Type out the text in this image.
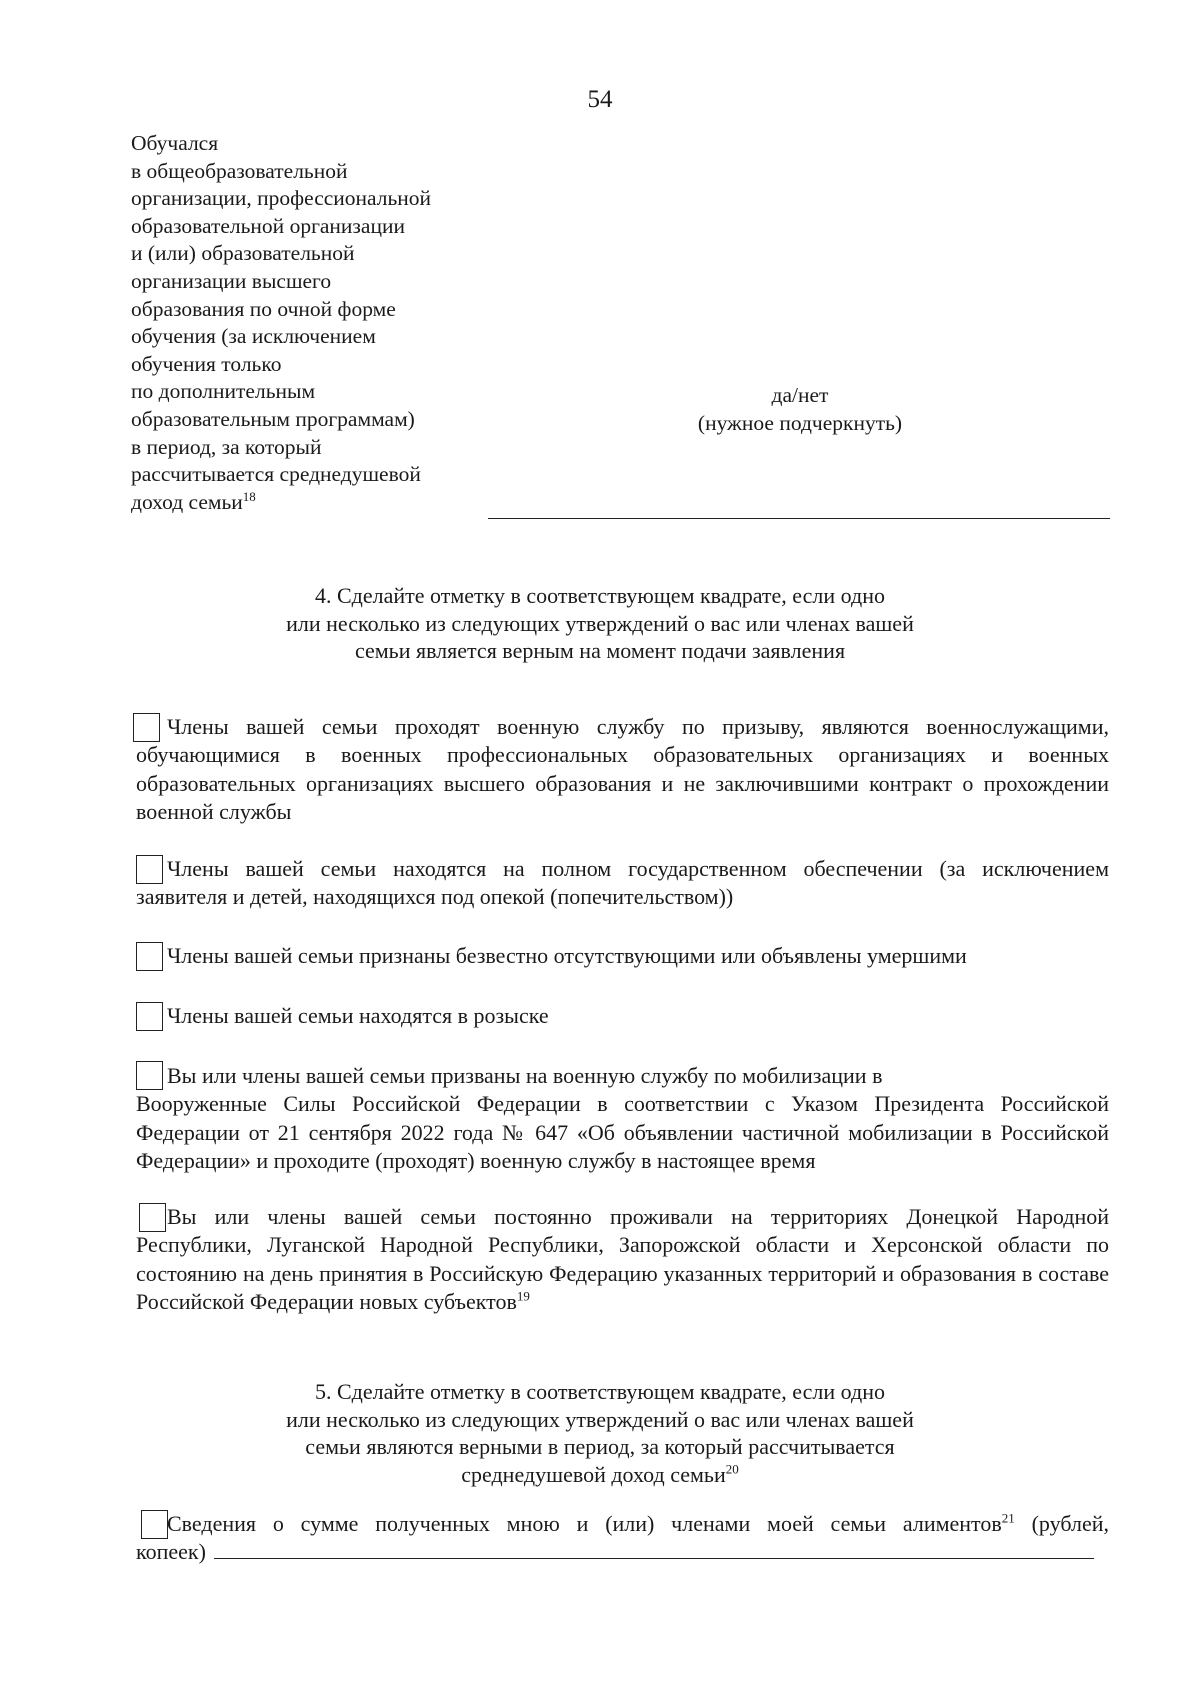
54
Обучался
в общеобразовательной
организации, профессиональной
образовательной организации
и (или) образовательной
организации высшего
образования по очной форме
обучения (за исключением
обучения только
по дополнительным
образовательным программам)
в период, за который
рассчитывается среднедушевой
доход семьи$^{18}$
да/нет
(нужное подчеркнуть)
4. Сделайте отметку в соответствующем квадрате, если одно
или несколько из следующих утверждений о вас или членах вашей
семьи является верным на момент подачи заявления
Члены вашей семьи проходят военную службу по призыву, являются военнослужащими,
обучающимися в военных профессиональных образовательных организациях и военных образовательных организациях высшего образования и не заключившими контракт о прохождении военной службы
Члены вашей семьи находятся на полном государственном обеспечении (за исключением
заявителя и детей, находящихся под опекой (попечительством))
Члены вашей семьи признаны безвестно отсутствующими или объявлены умершими
Члены вашей семьи находятся в розыске
Вы или члены вашей семьи призваны на военную службу по мобилизации в
Вооруженные Силы Российской Федерации в соответствии с Указом Президента Российской Федерации от 21 сентября 2022 года № 647 «Об объявлении частичной мобилизации в Российской Федерации» и проходите (проходят) военную службу в настоящее время
Вы или члены вашей семьи постоянно проживали на территориях Донецкой Народной
Республики, Луганской Народной Республики, Запорожской области и Херсонской области по состоянию на день принятия в Российскую Федерацию указанных территорий и образования в составе Российской Федерации новых субъектов$^{19}$
5. Сделайте отметку в соответствующем квадрате, если одно
или несколько из следующих утверждений о вас или членах вашей
семьи являются верными в период, за который рассчитывается
среднедушевой доход семьи$^{20}$
Сведения о сумме полученных мною и (или) членами моей семьи алиментов$^{21}$ (рублей,
копеек)
